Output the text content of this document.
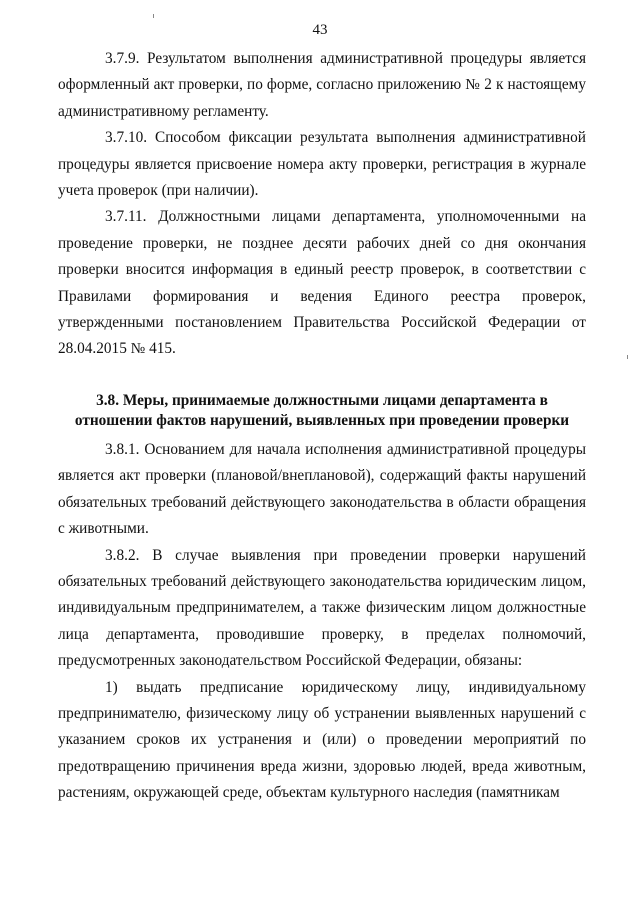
43

3.7.9. Результатом выполнения административной процедуры является оформленный акт проверки, по форме, согласно приложению № 2 к настоящему административному регламенту.

3.7.10. Способом фиксации результата выполнения административной процедуры является присвоение номера акту проверки, регистрация в журнале учета проверок (при наличии).

3.7.11. Должностными лицами департамента, уполномоченными на проведение проверки, не позднее десяти рабочих дней со дня окончания проверки вносится информация в единый реестр проверок, в соответствии с Правилами формирования и ведения Единого реестра проверок, утвержденными постановлением Правительства Российской Федерации от 28.04.2015 № 415.

3.8. Меры, принимаемые должностными лицами департамента в
отношении фактов нарушений, выявленных при проведении проверки

3.8.1. Основанием для начала исполнения административной процедуры является акт проверки (плановой/внеплановой), содержащий факты нарушений обязательных требований действующего законодательства в области обращения с животными.

3.8.2. В случае выявления при проведении проверки нарушений обязательных требований действующего законодательства юридическим лицом, индивидуальным предпринимателем, а также физическим лицом должностные лица департамента, проводившие проверку, в пределах полномочий, предусмотренных законодательством Российской Федерации, обязаны:

1) выдать предписание юридическому лицу, индивидуальному предпринимателю, физическому лицу об устранении выявленных нарушений с указанием сроков их устранения и (или) о проведении мероприятий по предотвращению причинения вреда жизни, здоровью людей, вреда животным, растениям, окружающей среде, объектам культурного наследия (памятникам
